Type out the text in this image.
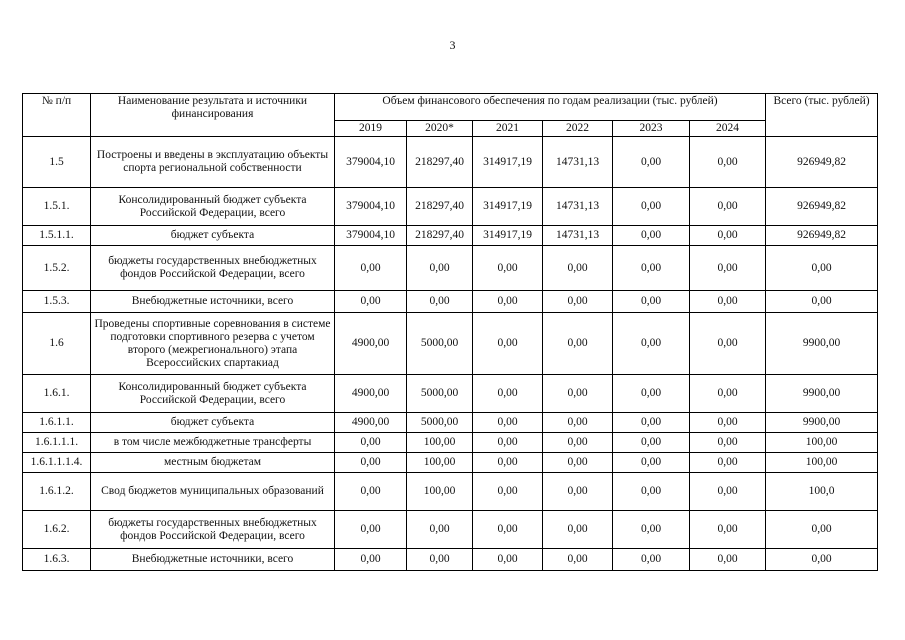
3
№ п/п	Наименование результата и источники финансирования	Объем финансового обеспечения по годам реализации (тыс. рублей)						Всего (тыс. рублей)
		2019	2020*	2021	2022	2023	2024	
1.5	Построены и введены в эксплуатацию объекты спорта региональной собственности	379004,10	218297,40	314917,19	14731,13	0,00	0,00	926949,82
1.5.1.	Консолидированный бюджет субъекта Российской Федерации, всего	379004,10	218297,40	314917,19	14731,13	0,00	0,00	926949,82
1.5.1.1.	бюджет субъекта	379004,10	218297,40	314917,19	14731,13	0,00	0,00	926949,82
1.5.2.	бюджеты государственных внебюджетных фондов Российской Федерации, всего	0,00	0,00	0,00	0,00	0,00	0,00	0,00
1.5.3.	Внебюджетные источники, всего	0,00	0,00	0,00	0,00	0,00	0,00	0,00
1.6	Проведены спортивные соревнования в системе подготовки спортивного резерва с учетом второго (межрегионального) этапа Всероссийских спартакиад	4900,00	5000,00	0,00	0,00	0,00	0,00	9900,00
1.6.1.	Консолидированный бюджет субъекта Российской Федерации, всего	4900,00	5000,00	0,00	0,00	0,00	0,00	9900,00
1.6.1.1.	бюджет субъекта	4900,00	5000,00	0,00	0,00	0,00	0,00	9900,00
1.6.1.1.1.	в том числе межбюджетные трансферты	0,00	100,00	0,00	0,00	0,00	0,00	100,00
1.6.1.1.1.4.	местным бюджетам	0,00	100,00	0,00	0,00	0,00	0,00	100,00
1.6.1.2.	Свод бюджетов муниципальных образований	0,00	100,00	0,00	0,00	0,00	0,00	100,0
1.6.2.	бюджеты государственных внебюджетных фондов Российской Федерации, всего	0,00	0,00	0,00	0,00	0,00	0,00	0,00
1.6.3.	Внебюджетные источники, всего	0,00	0,00	0,00	0,00	0,00	0,00	0,00
